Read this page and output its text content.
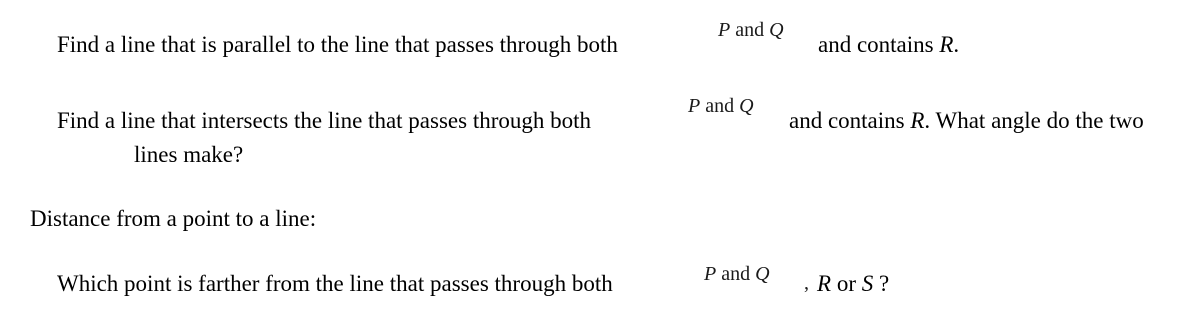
Find a line that is parallel to the line that passes through both
P and Q
and contains R.
Find a line that intersects the line that passes through both
P and Q
and contains R. What angle do the two
lines make?
Distance from a point to a line:
Which point is farther from the line that passes through both	P and Q , R or S ?
